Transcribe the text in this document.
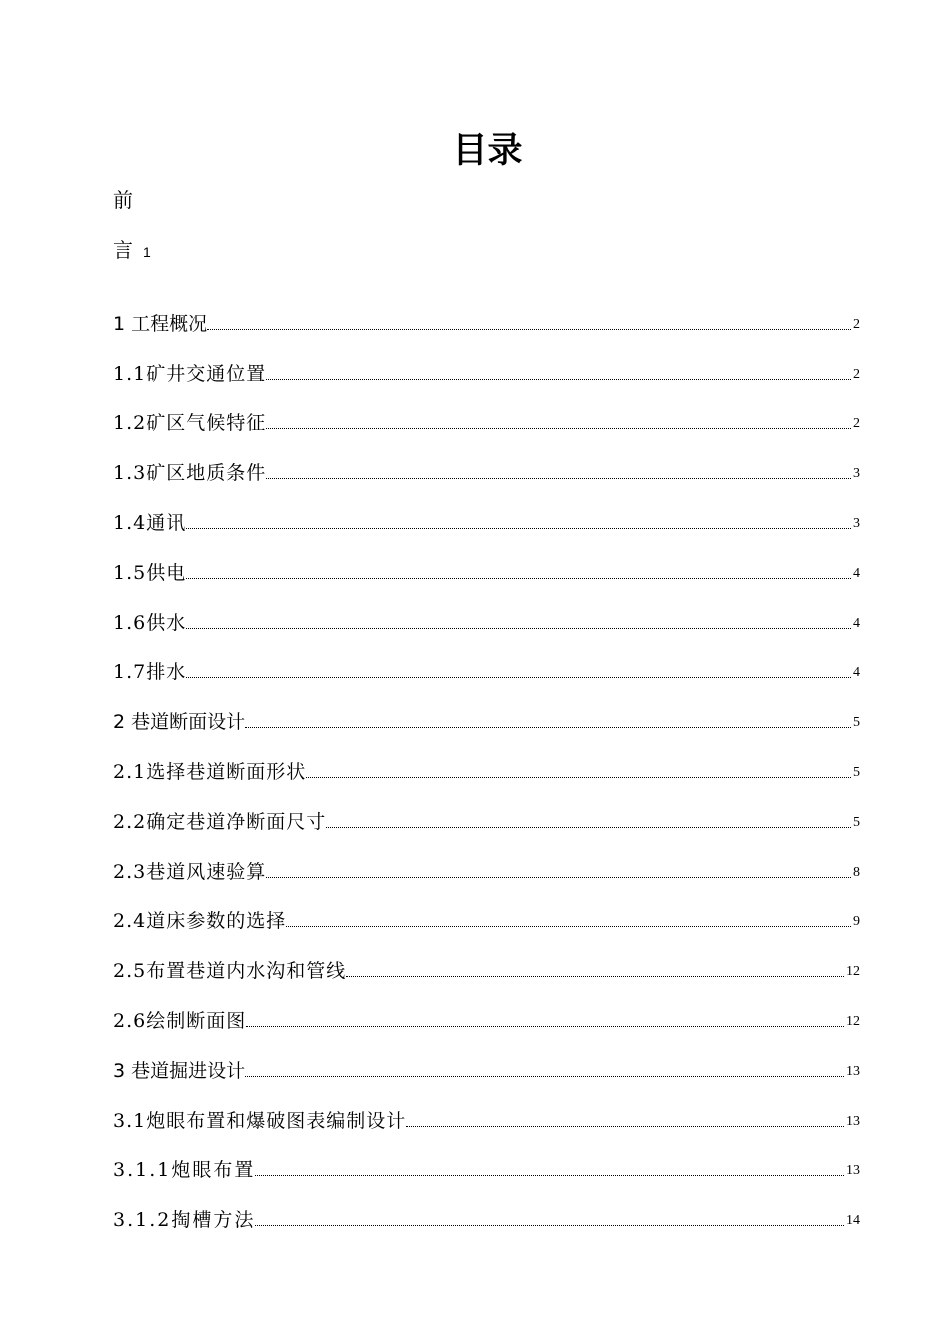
目录
前
言 1
1 工程概况	2
1.1矿井交通位置	2
1.2矿区气候特征	2
1.3矿区地质条件	3
1.4通讯	3
1.5供电	4
1.6供水	4
1.7排水	4
2 巷道断面设计	5
2.1选择巷道断面形状	5
2.2确定巷道净断面尺寸	5
2.3巷道风速验算	8
2.4道床参数的选择	9
2.5布置巷道内水沟和管线	12
2.6绘制断面图	12
3 巷道掘进设计	13
3.1炮眼布置和爆破图表编制设计	13
3.1.1炮眼布置	13
3.1.2掏槽方法	14
